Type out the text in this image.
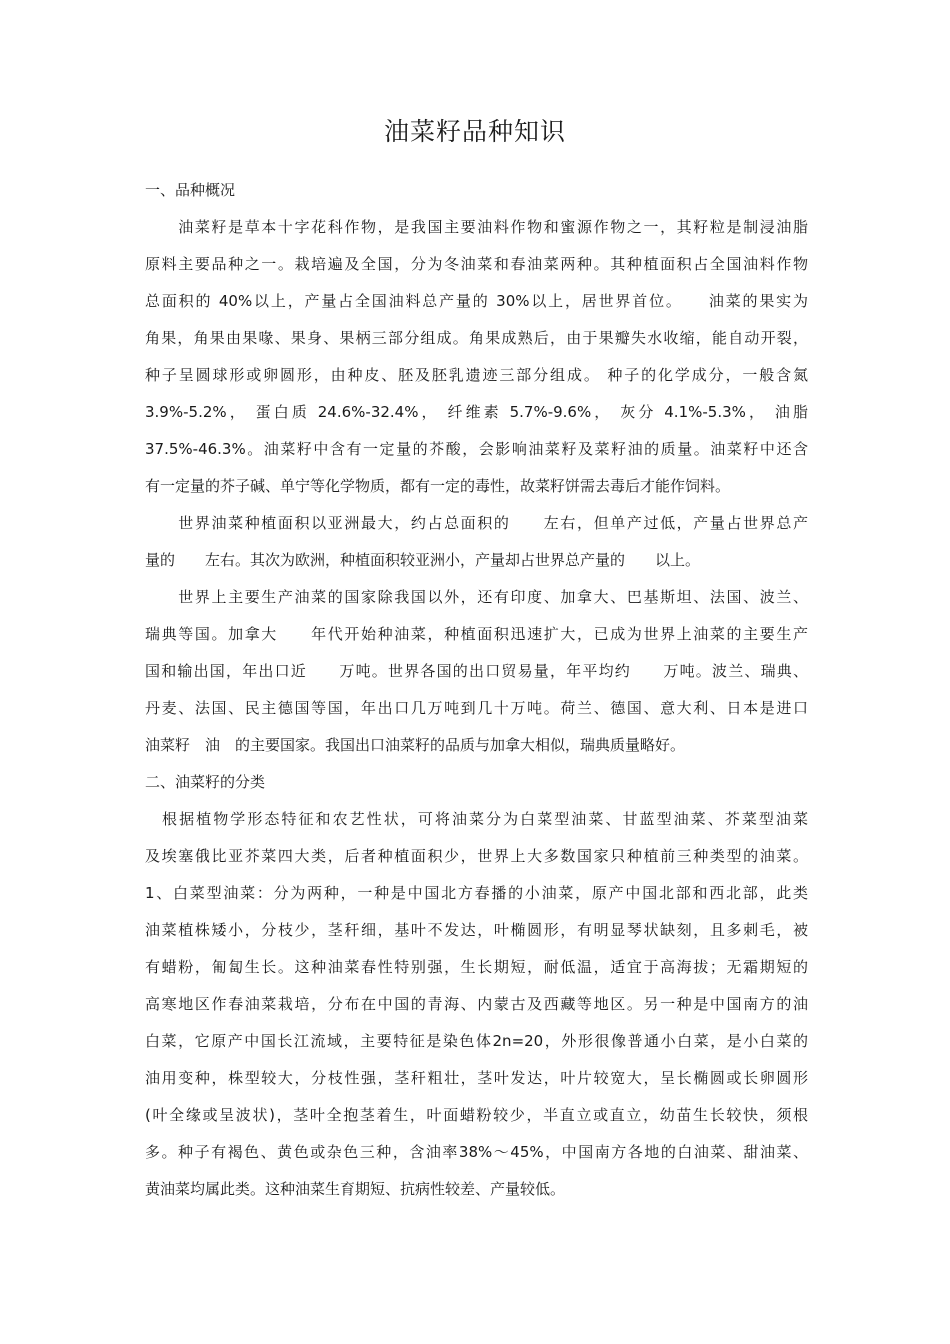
油菜籽品种知识
一、品种概况
　　油菜籽是草本十字花科作物，是我国主要油料作物和蜜源作物之一，其籽粒是制浸油脂
原料主要品种之一。栽培遍及全国，分为冬油菜和春油菜两种。其种植面积占全国油料作物
总面积的 40%以上，产量占全国油料总产量的 30%以上，居世界首位。　　油菜的果实为
角果，角果由果喙、果身、果柄三部分组成。角果成熟后，由于果瓣失水收缩，能自动开裂，
种子呈圆球形或卵圆形，由种皮、胚及胚乳遗迹三部分组成。 种子的化学成分，一般含氮
3.9%-5.2%， 蛋白质 24.6%-32.4%， 纤维素 5.7%-9.6%， 灰分 4.1%-5.3%， 油脂
37.5%-46.3%。油菜籽中含有一定量的芥酸，会影响油菜籽及菜籽油的质量。油菜籽中还含
有一定量的芥子碱、单宁等化学物质，都有一定的毒性，故菜籽饼需去毒后才能作饲料。
　　世界油菜种植面积以亚洲最大，约占总面积的　　左右，但单产过低，产量占世界总产
量的　　左右。其次为欧洲，种植面积较亚洲小，产量却占世界总产量的　　以上。
　　世界上主要生产油菜的国家除我国以外，还有印度、加拿大、巴基斯坦、法国、波兰、
瑞典等国。加拿大　　年代开始种油菜，种植面积迅速扩大，已成为世界上油菜的主要生产
国和输出国，年出口近　　万吨。世界各国的出口贸易量，年平均约　　万吨。波兰、瑞典、
丹麦、法国、民主德国等国，年出口几万吨到几十万吨。荷兰、德国、意大利、日本是进口
油菜籽　油　的主要国家。我国出口油菜籽的品质与加拿大相似，瑞典质量略好。
二、油菜籽的分类
　根据植物学形态特征和农艺性状，可将油菜分为白菜型油菜、甘蓝型油菜、芥菜型油菜
及埃塞俄比亚芥菜四大类，后者种植面积少，世界上大多数国家只种植前三种类型的油菜。
1、白菜型油菜：分为两种，一种是中国北方春播的小油菜，原产中国北部和西北部，此类
油菜植株矮小，分枝少，茎秆细，基叶不发达，叶椭圆形，有明显琴状缺刻，且多刺毛，被
有蜡粉，匍匐生长。这种油菜春性特别强，生长期短，耐低温，适宜于高海拔；无霜期短的
高寒地区作春油菜栽培，分布在中国的青海、内蒙古及西藏等地区。另一种是中国南方的油
白菜，它原产中国长江流域，主要特征是染色体2n=20，外形很像普通小白菜，是小白菜的
油用变种，株型较大，分枝性强，茎秆粗壮，茎叶发达，叶片较宽大，呈长椭圆或长卵圆形
(叶全缘或呈波状)，茎叶全抱茎着生，叶面蜡粉较少，半直立或直立，幼苗生长较快，须根
多。种子有褐色、黄色或杂色三种，含油率38%～45%，中国南方各地的白油菜、甜油菜、
黄油菜均属此类。这种油菜生育期短、抗病性较差、产量较低。
